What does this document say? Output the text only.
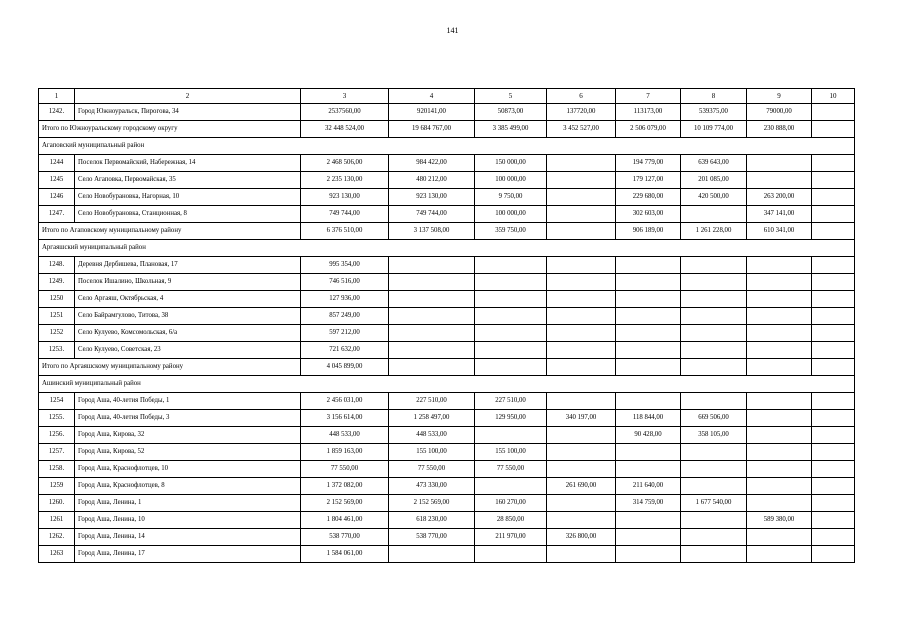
141
1	2	3	4	5	6	7	8	9	10
1242.	Город Южноуральск, Пирогова, 34	2537560,00	920141,00	50873,00	137720,00	113173,00	539375,00	79000,00	
Итого по Южноуральскому городскому округу		32 448 524,00	19 684 767,00	3 385 499,00	3 452 527,00	2 506 079,00	10 109 774,00	230 888,00	
Агаповский муниципальный район									
1244	Поселок Первомайский, Набережная, 14	2 468 506,00	984 422,00	150 000,00		194 779,00	639 643,00		
1245	Село Агаповка, Первомайская, 35	2 235 130,00	480 212,00	100 000,00		179 127,00	201 085,00		
1246	Село Новобурановка, Нагорная, 10	923 130,00	923 130,00	9 750,00		229 680,00	420 500,00	263 200,00	
1247.	Село Новобурановка, Станционная, 8	749 744,00	749 744,00	100 000,00		302 603,00		347 141,00	
Итого по Агаповскому муниципальному району		6 376 510,00	3 137 508,00	359 750,00		906 189,00	1 261 228,00	610 341,00	
Аргаяшский муниципальный район									
1248.	Деревня Дербишева, Плановая, 17	995 354,00							
1249.	Поселок Ишалино, Школьная, 9	746 516,00							
1250	Село Аргаяш, Октябрьская, 4	127 936,00							
1251	Село Байрамгулово, Титова, 38	857 249,00							
1252	Село Кулуево, Комсомольская, 6/а	597 212,00							
1253.	Село Кулуево, Советская, 23	721 632,00							
Итого по Аргаяшскому муниципальному району		4 045 899,00							
Ашинский муниципальный район									
1254	Город Аша, 40-летия Победы, 1	2 456 031,00	227 510,00	227 510,00					
1255.	Город Аша, 40-летия Победы, 3	3 156 614,00	1 258 497,00	129 950,00	340 197,00	118 844,00	669 506,00		
1256.	Город Аша, Кирова, 32	448 533,00	448 533,00			90 428,00	358 105,00		
1257.	Город Аша, Кирова, 52	1 859 163,00	155 100,00	155 100,00					
1258.	Город Аша, Краснофлотцев, 10	77 550,00	77 550,00	77 550,00					
1259	Город Аша, Краснофлотцев, 8	1 372 082,00	473 330,00		261 690,00	211 640,00			
1260.	Город Аша, Ленина, 1	2 152 569,00	2 152 569,00	160 270,00		314 759,00	1 677 540,00		
1261	Город Аша, Ленина, 10	1 804 461,00	618 230,00	28 850,00				589 380,00	
1262.	Город Аша, Ленина, 14	538 770,00	538 770,00	211 970,00	326 800,00				
1263	Город Аша, Ленина, 17	1 584 061,00							
